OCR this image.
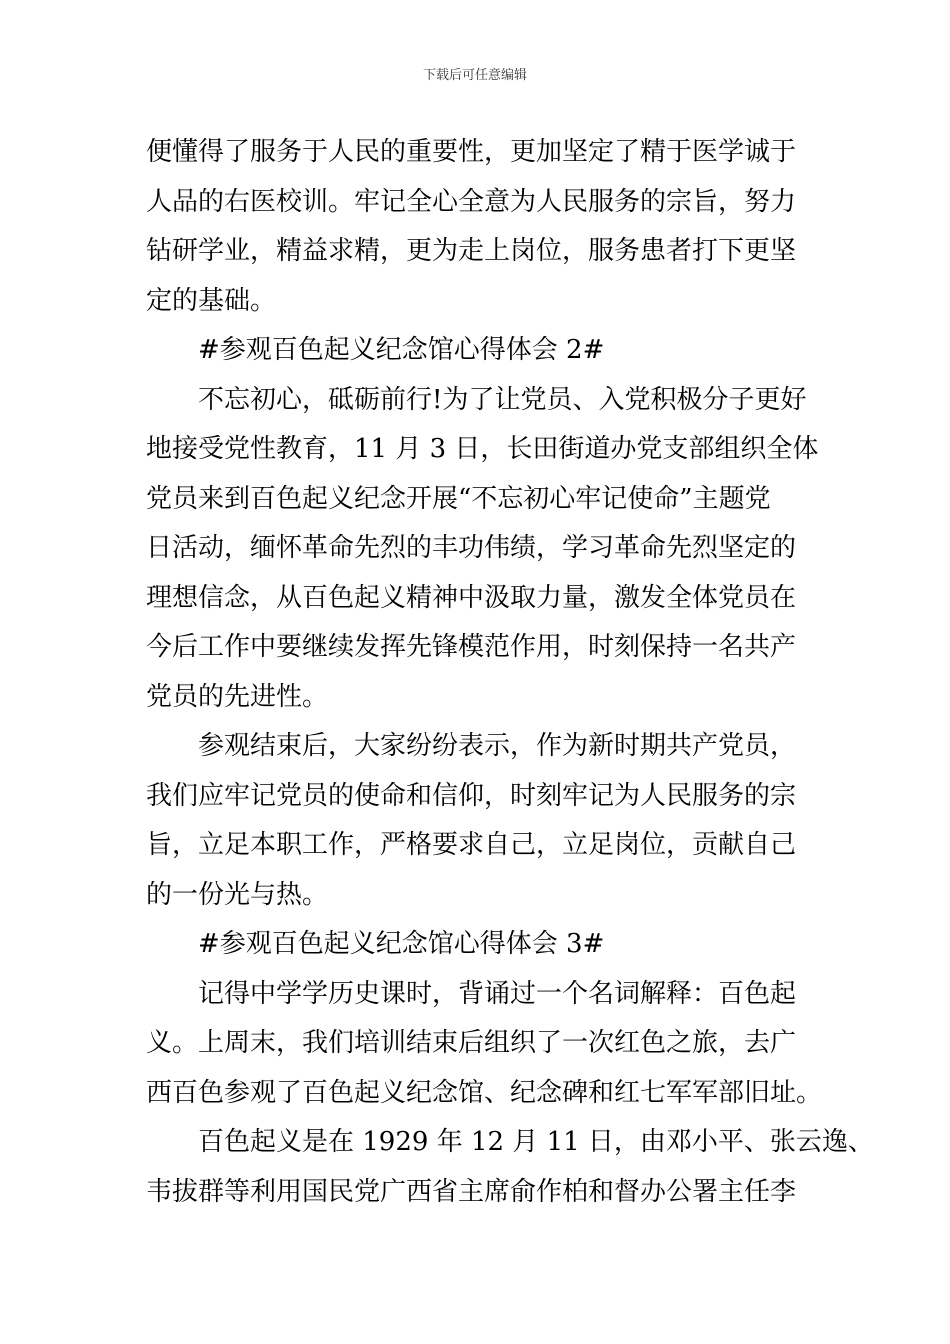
下载后可任意编辑
便懂得了服务于人民的重要性，更加坚定了精于医学诚于
人品的右医校训。牢记全心全意为人民服务的宗旨，努力
钻研学业，精益求精，更为走上岗位，服务患者打下更坚
定的基础。
#参观百色起义纪念馆心得体会 2#
不忘初心，砥砺前行!为了让党员、入党积极分子更好
地接受党性教育，11 月 3 日，长田街道办党支部组织全体
党员来到百色起义纪念开展“不忘初心牢记使命”主题党
日活动，缅怀革命先烈的丰功伟绩，学习革命先烈坚定的
理想信念，从百色起义精神中汲取力量，激发全体党员在
今后工作中要继续发挥先锋模范作用，时刻保持一名共产
党员的先进性。
参观结束后，大家纷纷表示，作为新时期共产党员，
我们应牢记党员的使命和信仰，时刻牢记为人民服务的宗
旨，立足本职工作，严格要求自己，立足岗位，贡献自己
的一份光与热。
#参观百色起义纪念馆心得体会 3#
记得中学学历史课时，背诵过一个名词解释：百色起
义。上周末，我们培训结束后组织了一次红色之旅，去广
西百色参观了百色起义纪念馆、纪念碑和红七军军部旧址。
百色起义是在 1929 年 12 月 11 日，由邓小平、张云逸、
韦拔群等利用国民党广西省主席俞作柏和督办公署主任李
